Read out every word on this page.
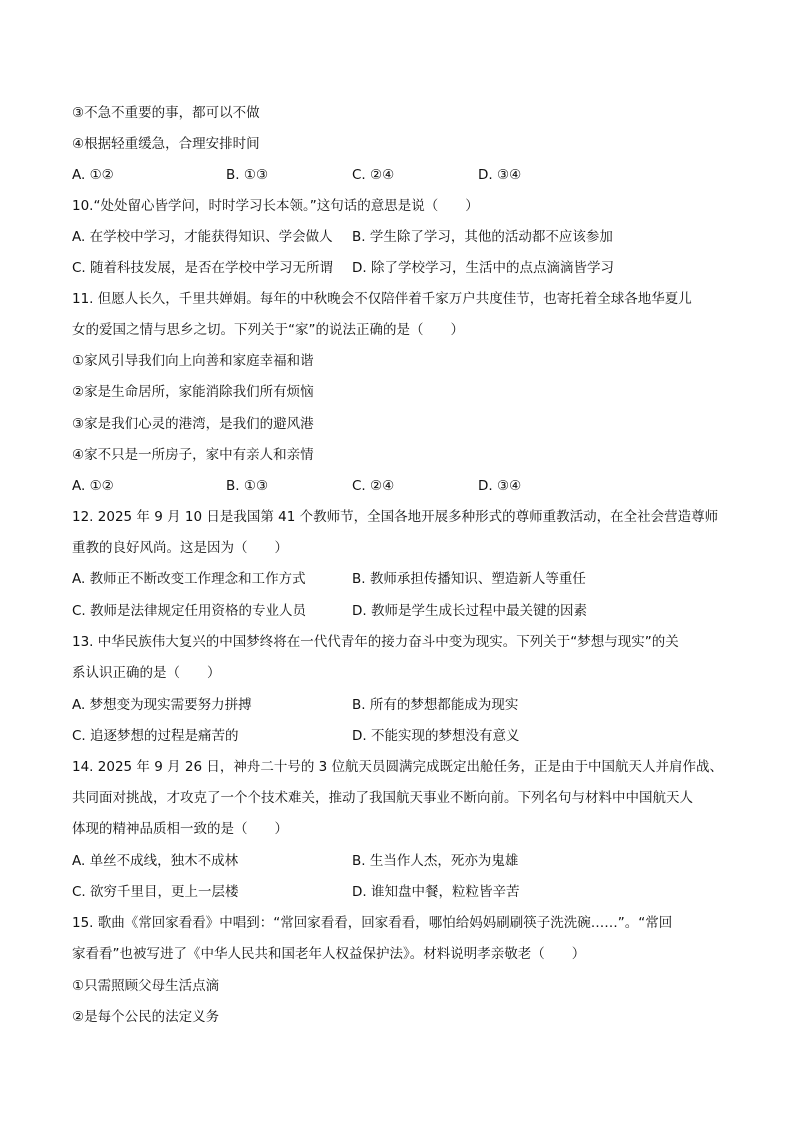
③不急不重要的事，都可以不做
④根据轻重缓急，合理安排时间
A. ①②	B. ①③	C. ②④	D. ③④
10.“处处留心皆学问，时时学习长本领。”这句话的意思是说（　　）
A. 在学校中学习，才能获得知识、学会做人 B. 学生除了学习，其他的活动都不应该参加
C. 随着科技发展，是否在学校中学习无所谓 D. 除了学校学习，生活中的点点滴滴皆学习
11. 但愿人长久，千里共婵娟。每年的中秋晚会不仅陪伴着千家万户共度佳节，也寄托着全球各地华夏儿
女的爱国之情与思乡之切。下列关于“家”的说法正确的是（　　）
①家风引导我们向上向善和家庭幸福和谐
②家是生命居所，家能消除我们所有烦恼
③家是我们心灵的港湾，是我们的避风港
④家不只是一所房子，家中有亲人和亲情
A. ①②	B. ①③	C. ②④	D. ③④
12. 2025 年 9 月 10 日是我国第 41 个教师节，全国各地开展多种形式的尊师重教活动，在全社会营造尊师
重教的良好风尚。这是因为（　　）
A. 教师正不断改变工作理念和工作方式	B. 教师承担传播知识、塑造新人等重任
C. 教师是法律规定任用资格的专业人员	D. 教师是学生成长过程中最关键的因素
13. 中华民族伟大复兴的中国梦终将在一代代青年的接力奋斗中变为现实。下列关于“梦想与现实”的关
系认识正确的是（　　）
A. 梦想变为现实需要努力拼搏	B. 所有的梦想都能成为现实
C. 追逐梦想的过程是痛苦的	D. 不能实现的梦想没有意义
14. 2025 年 9 月 26 日，神舟二十号的 3 位航天员圆满完成既定出舱任务，正是由于中国航天人并肩作战、
共同面对挑战，才攻克了一个个技术难关，推动了我国航天事业不断向前。下列名句与材料中中国航天人
体现的精神品质相一致的是（　　）
A. 单丝不成线，独木不成林	B. 生当作人杰，死亦为鬼雄
C. 欲穷千里目，更上一层楼	D. 谁知盘中餐，粒粒皆辛苦
15. 歌曲《常回家看看》中唱到：“常回家看看，回家看看，哪怕给妈妈刷刷筷子洗洗碗……”。“常回
家看看”也被写进了《中华人民共和国老年人权益保护法》。材料说明孝亲敬老（　　）
①只需照顾父母生活点滴
②是每个公民的法定义务
